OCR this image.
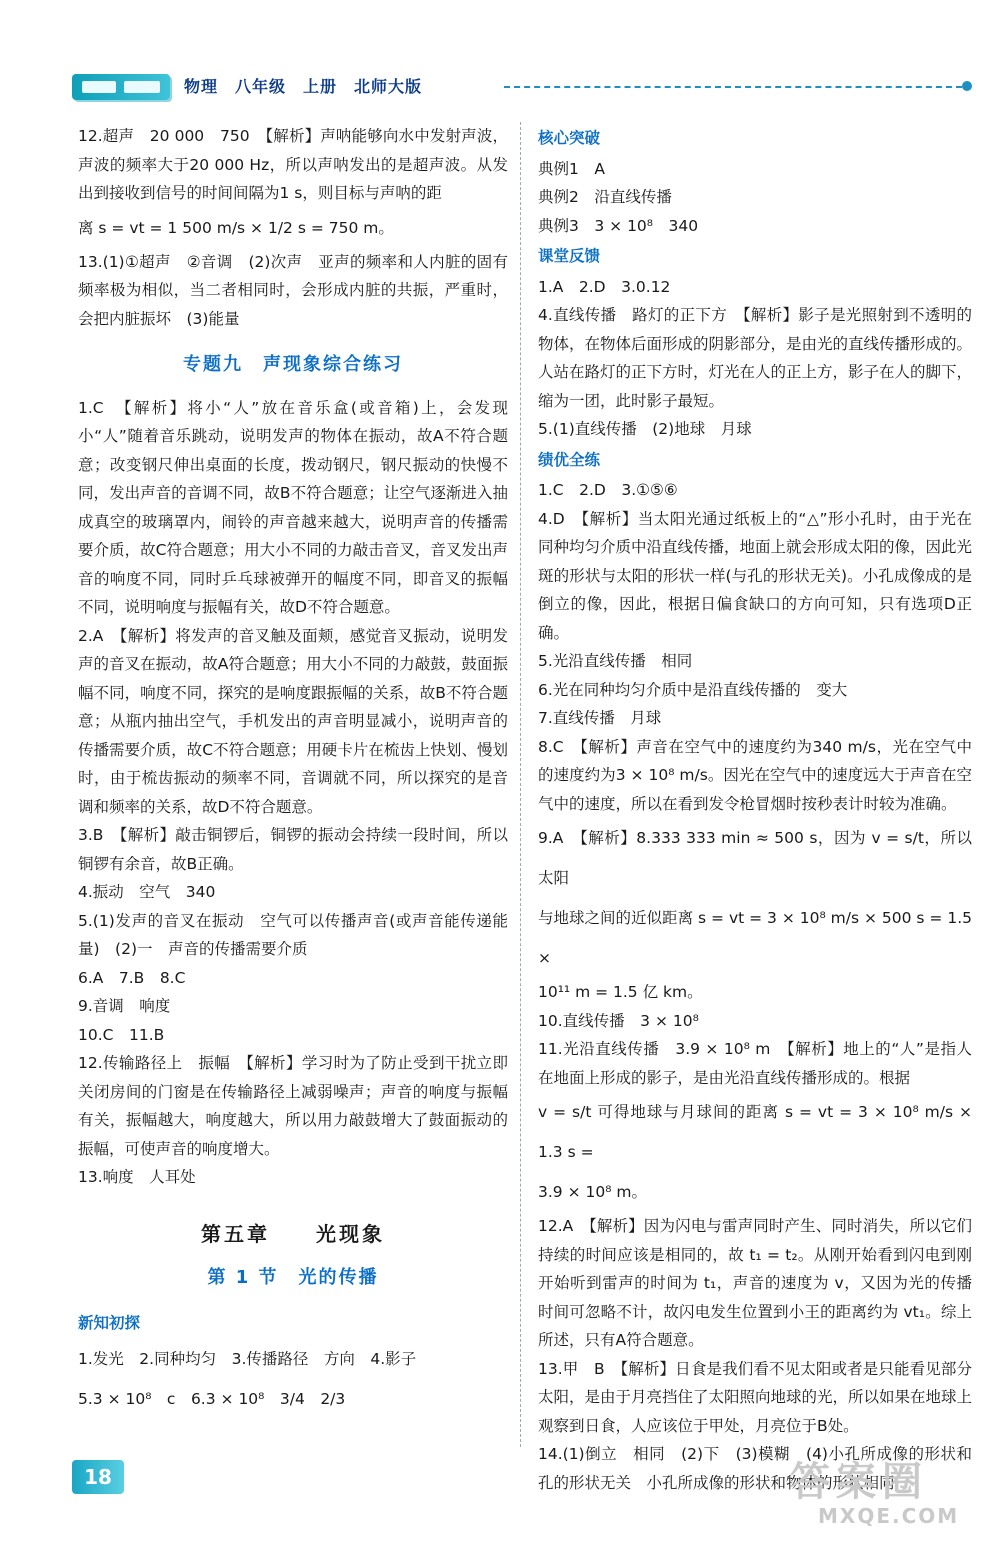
物理　八年级　上册　北师大版

12.超声　20 000　750　【解析】声呐能够向水中发射声波，声波的频率大于20 000 Hz，所以声呐发出的是超声波。从发出到接收到信号的时间间隔为1 s，则目标与声呐的距

离 s = vt = 1 500 m/s × 1/2 s = 750 m。

13.(1)①超声　②音调　(2)次声　亚声的频率和人内脏的固有频率极为相似，当二者相同时，会形成内脏的共振，严重时，会把内脏振坏　(3)能量

专题九　声现象综合练习

1.C　【解析】将小“人”放在音乐盒(或音箱)上，会发现小“人”随着音乐跳动，说明发声的物体在振动，故A不符合题意；改变钢尺伸出桌面的长度，拨动钢尺，钢尺振动的快慢不同，发出声音的音调不同，故B不符合题意；让空气逐渐进入抽成真空的玻璃罩内，闹铃的声音越来越大，说明声音的传播需要介质，故C符合题意；用大小不同的力敲击音叉，音叉发出声音的响度不同，同时乒乓球被弹开的幅度不同，即音叉的振幅不同，说明响度与振幅有关，故D不符合题意。

2.A　【解析】将发声的音叉触及面颊，感觉音叉振动，说明发声的音叉在振动，故A符合题意；用大小不同的力敲鼓，鼓面振幅不同，响度不同，探究的是响度跟振幅的关系，故B不符合题意；从瓶内抽出空气，手机发出的声音明显减小，说明声音的传播需要介质，故C不符合题意；用硬卡片在梳齿上快划、慢划时，由于梳齿振动的频率不同，音调就不同，所以探究的是音调和频率的关系，故D不符合题意。

3.B　【解析】敲击铜锣后，铜锣的振动会持续一段时间，所以铜锣有余音，故B正确。

4.振动　空气　340

5.(1)发声的音叉在振动　空气可以传播声音(或声音能传递能量)　(2)一　声音的传播需要介质

6.A　7.B　8.C

9.音调　响度

10.C　11.B

12.传输路径上　振幅　【解析】学习时为了防止受到干扰立即关闭房间的门窗是在传输路径上减弱噪声；声音的响度与振幅有关，振幅越大，响度越大，所以用力敲鼓增大了鼓面振动的振幅，可使声音的响度增大。

13.响度　人耳处

第五章　　光现象
第 1 节　光的传播
新知初探

1.发光　2.同种均匀　3.传播路径　方向　4.影子

5.3 × 10⁸　c　6.3 × 10⁸　3/4　2/3

核心突破

典例1　A

典例2　沿直线传播

典例3　3 × 10⁸　340

课堂反馈

1.A　2.D　3.0.12

4.直线传播　路灯的正下方　【解析】影子是光照射到不透明的物体，在物体后面形成的阴影部分，是由光的直线传播形成的。人站在路灯的正下方时，灯光在人的正上方，影子在人的脚下，缩为一团，此时影子最短。

5.(1)直线传播　(2)地球　月球

绩优全练

1.C　2.D　3.①⑤⑥

4.D　【解析】当太阳光通过纸板上的“△”形小孔时，由于光在同种均匀介质中沿直线传播，地面上就会形成太阳的像，因此光斑的形状与太阳的形状一样(与孔的形状无关)。小孔成像成的是倒立的像，因此，根据日偏食缺口的方向可知，只有选项D正确。

5.光沿直线传播　相同

6.光在同种均匀介质中是沿直线传播的　变大

7.直线传播　月球

8.C　【解析】声音在空气中的速度约为340 m/s，光在空气中的速度约为3 × 10⁸ m/s。因光在空气中的速度远大于声音在空气中的速度，所以在看到发令枪冒烟时按秒表计时较为准确。

9.A　【解析】8.333 333 min ≈ 500 s，因为 v = s/t，所以太阳

与地球之间的近似距离 s = vt = 3 × 10⁸ m/s × 500 s = 1.5 ×

10¹¹ m = 1.5 亿 km。

10.直线传播　3 × 10⁸

11.光沿直线传播　3.9 × 10⁸ m　【解析】地上的“人”是指人在地面上形成的影子，是由光沿直线传播形成的。根据

v = s/t 可得地球与月球间的距离 s = vt = 3 × 10⁸ m/s × 1.3 s =

3.9 × 10⁸ m。

12.A　【解析】因为闪电与雷声同时产生、同时消失，所以它们持续的时间应该是相同的，故 t₁ = t₂。从刚开始看到闪电到刚开始听到雷声的时间为 t₁，声音的速度为 v，又因为光的传播时间可忽略不计，故闪电发生位置到小王的距离约为 vt₁。综上所述，只有A符合题意。

13.甲　B　【解析】日食是我们看不见太阳或者是只能看见部分太阳，是由于月亮挡住了太阳照向地球的光，所以如果在地球上观察到日食，人应该位于甲处，月亮位于B处。

14.(1)倒立　相同　(2)下　(3)模糊　(4)小孔所成像的形状和孔的形状无关　小孔所成像的形状和物体的形状相同

18	答案圈
MXQE.COM
